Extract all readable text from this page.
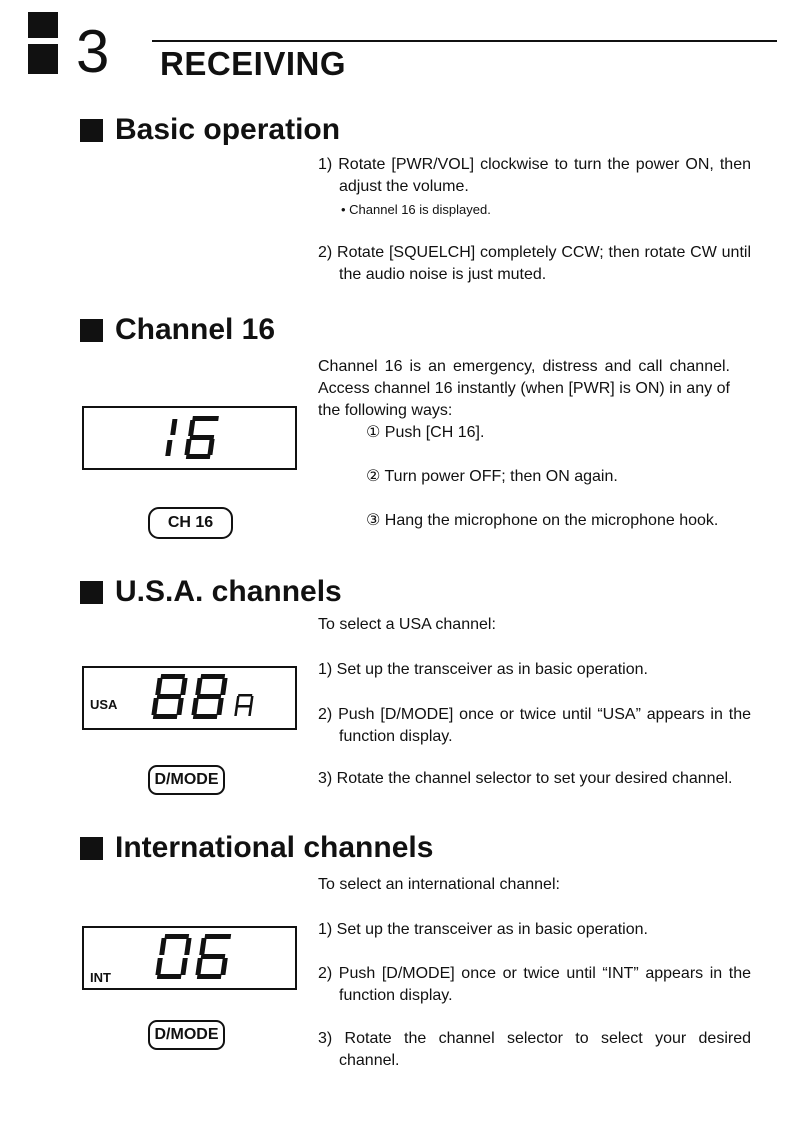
3 RECEIVING
Basic operation
1) Rotate [PWR/VOL] clockwise to turn the power ON, then adjust the volume.
• Channel 16 is displayed.
2) Rotate [SQUELCH] completely CCW; then rotate CW until the audio noise is just muted.
Channel 16
Channel 16 is an emergency, distress and call channel. Access channel 16 instantly (when [PWR] is ON) in any of the following ways:
① Push [CH 16].
② Turn power OFF; then ON again.
③ Hang the microphone on the microphone hook.
CH 16
U.S.A. channels
To select a USA channel:
1) Set up the transceiver as in basic operation.
2) Push [D/MODE] once or twice until “USA” appears in the function display.
3) Rotate the channel selector to set your desired channel.
USA
D/MODE
International channels
To select an international channel:
1) Set up the transceiver as in basic operation.
2) Push [D/MODE] once or twice until “INT” appears in the function display.
3) Rotate the channel selector to select your desired channel.
INT
D/MODE
